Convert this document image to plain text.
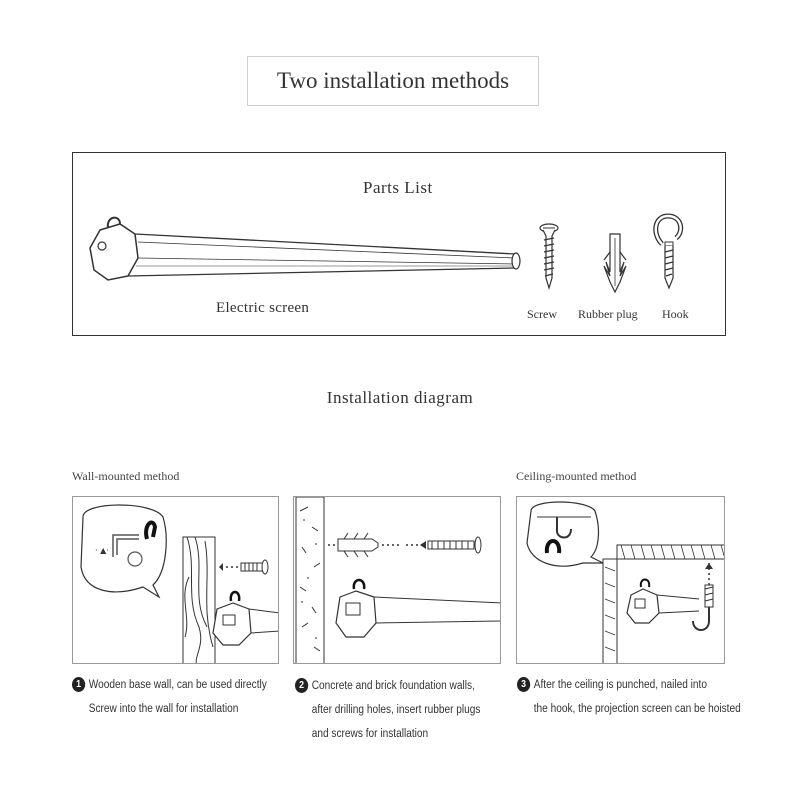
Two installation methods
Parts List
Electric screen	Screw Rubber plug Hook
Installation diagram
Wall-mounted method	Ceiling-mounted method
· ▲·
1 Wooden base wall, can be used directly
Screw into the wall for installation
2 Concrete and brick foundation walls,
after drilling holes, insert rubber plugs
and screws for installation
3 After the ceiling is punched, nailed into
the hook, the projection screen can be hoisted
